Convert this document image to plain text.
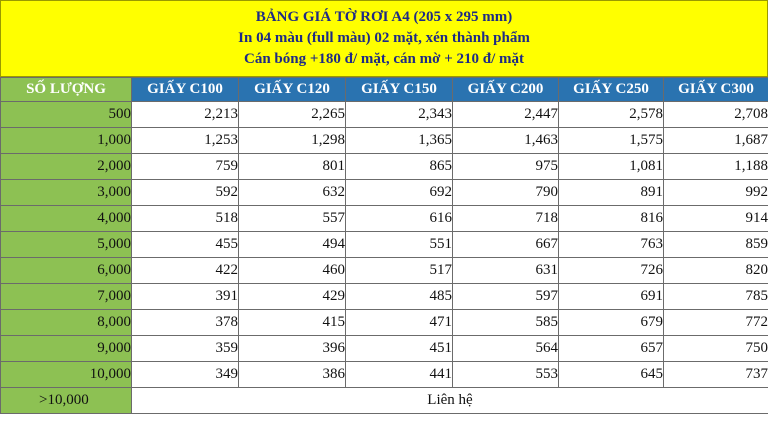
BẢNG GIÁ TỜ RƠI A4 (205 x 295 mm)
In 04 màu (full màu) 02 mặt, xén thành phẩm
Cán bóng +180 đ/ mặt, cán mờ + 210 đ/ mặt
SỐ LƯỢNG	GIẤY C100	GIẤY C120	GIẤY C150	GIẤY C200	GIẤY C250	GIẤY C300
500	2,213	2,265	2,343	2,447	2,578	2,708
1,000	1,253	1,298	1,365	1,463	1,575	1,687
2,000	759	801	865	975	1,081	1,188
3,000	592	632	692	790	891	992
4,000	518	557	616	718	816	914
5,000	455	494	551	667	763	859
6,000	422	460	517	631	726	820
7,000	391	429	485	597	691	785
8,000	378	415	471	585	679	772
9,000	359	396	451	564	657	750
10,000	349	386	441	553	645	737
>10,000	Liên hệ					
